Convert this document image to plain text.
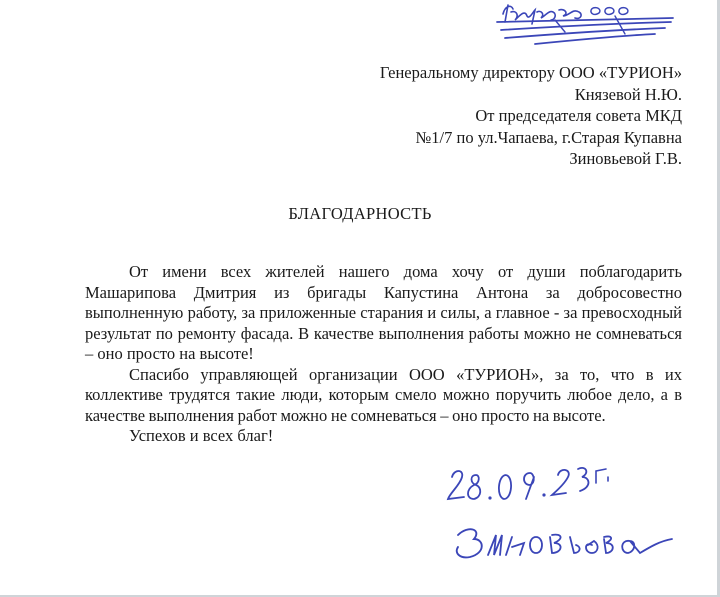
Генеральному директору ООО «ТУРИОН»
Князевой Н.Ю.
От председателя совета МКД
№1/7 по ул.Чапаева, г.Старая Купавна
Зиновьевой Г.В.
БЛАГОДАРНОСТЬ

От имени всех жителей нашего дома хочу от души поблагодарить Машарипова Дмитрия из бригады Капустина Антона за добросовестно выполненную работу, за приложенные старания и силы, а главное - за превосходный результат по ремонту фасада. В качестве выполнения работы можно не сомневаться – оно просто на высоте!

Спасибо управляющей организации ООО «ТУРИОН», за то, что в их коллективе трудятся такие люди, которым смело можно поручить любое дело, а в качестве выполнения работ можно не сомневаться – оно просто на высоте.

Успехов и всех благ!
